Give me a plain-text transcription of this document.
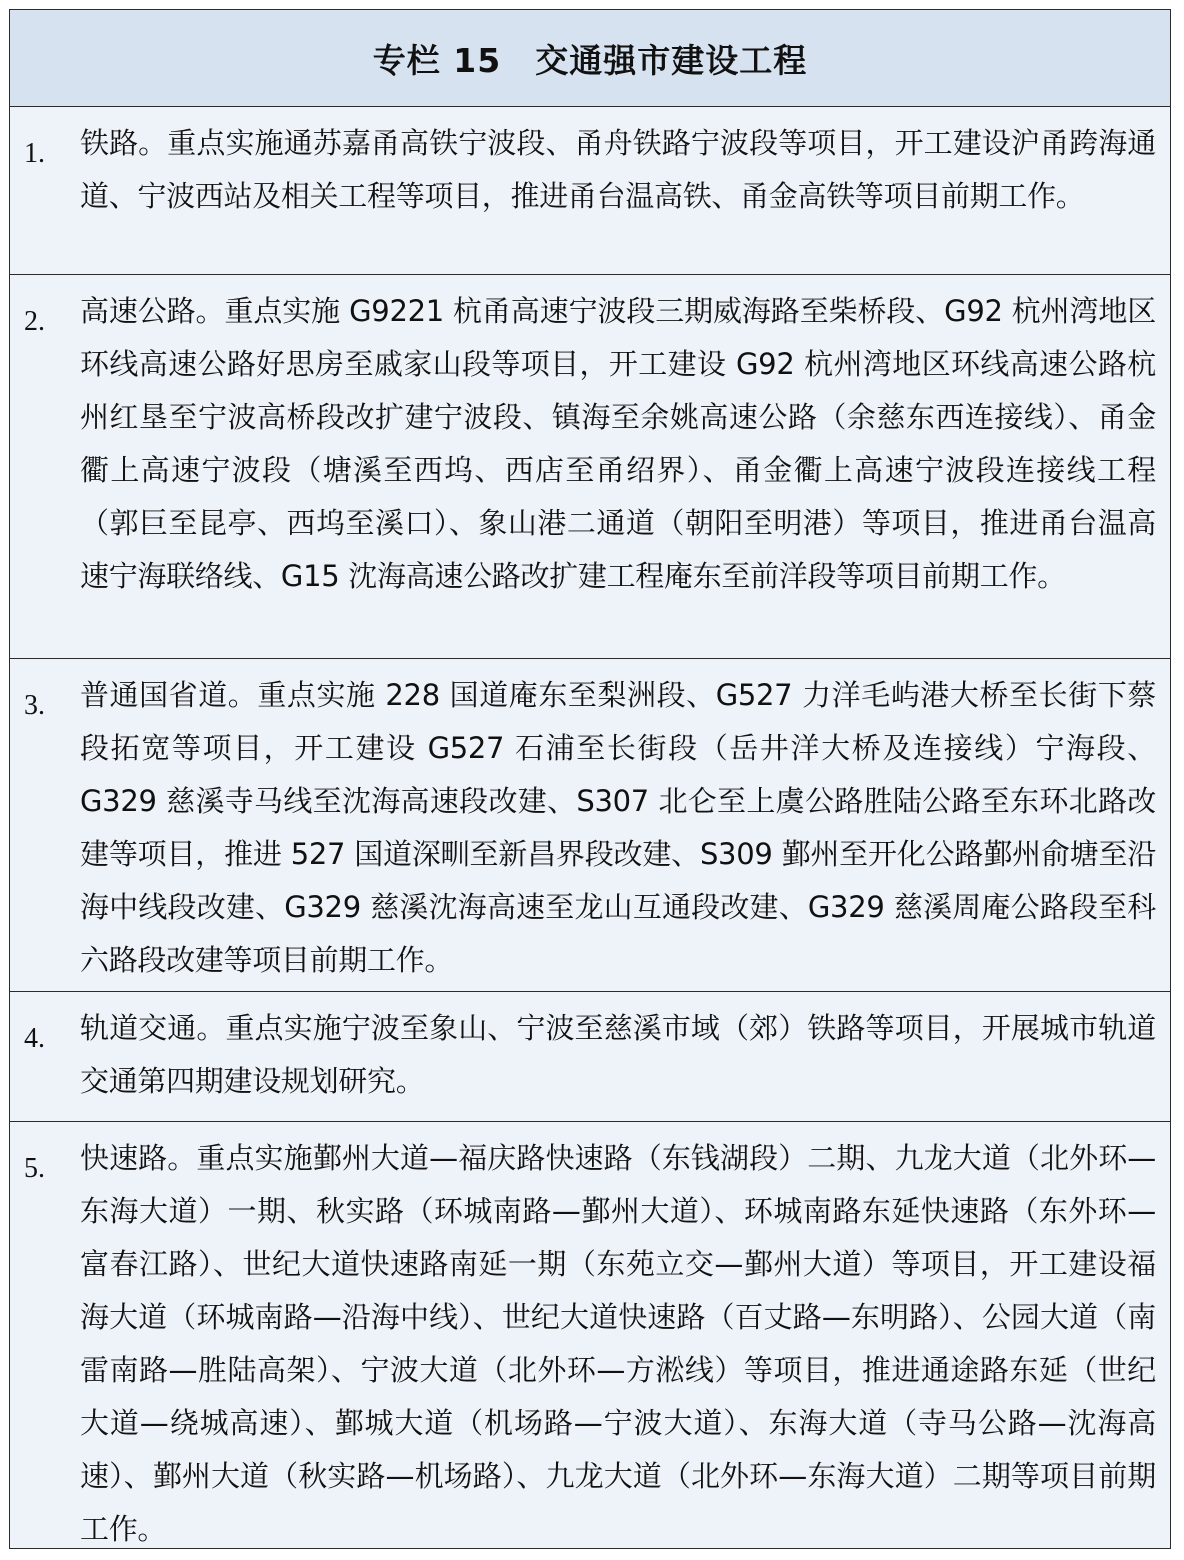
专栏 15　交通强市建设工程
1. 铁路。重点实施通苏嘉甬高铁宁波段、甬舟铁路宁波段等项目，开工建设沪甬跨海通道、宁波西站及相关工程等项目，推进甬台温高铁、甬金高铁等项目前期工作。
2. 高速公路。重点实施 G9221 杭甬高速宁波段三期威海路至柴桥段、G92 杭州湾地区环线高速公路好思房至戚家山段等项目，开工建设 G92 杭州湾地区环线高速公路杭州红垦至宁波高桥段改扩建宁波段、镇海至余姚高速公路（余慈东西连接线）、甬金衢上高速宁波段（塘溪至西坞、西店至甬绍界）、甬金衢上高速宁波段连接线工程（郭巨至昆亭、西坞至溪口）、象山港二通道（朝阳至明港）等项目，推进甬台温高速宁海联络线、G15 沈海高速公路改扩建工程庵东至前洋段等项目前期工作。
3. 普通国省道。重点实施 228 国道庵东至梨洲段、G527 力洋毛屿港大桥至长街下蔡段拓宽等项目，开工建设 G527 石浦至长街段（岳井洋大桥及连接线）宁海段、G329 慈溪寺马线至沈海高速段改建、S307 北仑至上虞公路胜陆公路至东环北路改建等项目，推进 527 国道深甽至新昌界段改建、S309 鄞州至开化公路鄞州俞塘至沿海中线段改建、G329 慈溪沈海高速至龙山互通段改建、G329 慈溪周庵公路段至科六路段改建等项目前期工作。
4. 轨道交通。重点实施宁波至象山、宁波至慈溪市域（郊）铁路等项目，开展城市轨道交通第四期建设规划研究。
5. 快速路。重点实施鄞州大道—福庆路快速路（东钱湖段）二期、九龙大道（北外环—东海大道）一期、秋实路（环城南路—鄞州大道）、环城南路东延快速路（东外环—富春江路）、世纪大道快速路南延一期（东苑立交—鄞州大道）等项目，开工建设福海大道（环城南路—沿海中线）、世纪大道快速路（百丈路—东明路）、公园大道（南雷南路—胜陆高架）、宁波大道（北外环—方淞线）等项目，推进通途路东延（世纪大道—绕城高速）、鄞城大道（机场路—宁波大道）、东海大道（寺马公路—沈海高速）、鄞州大道（秋实路—机场路）、九龙大道（北外环—东海大道）二期等项目前期工作。
